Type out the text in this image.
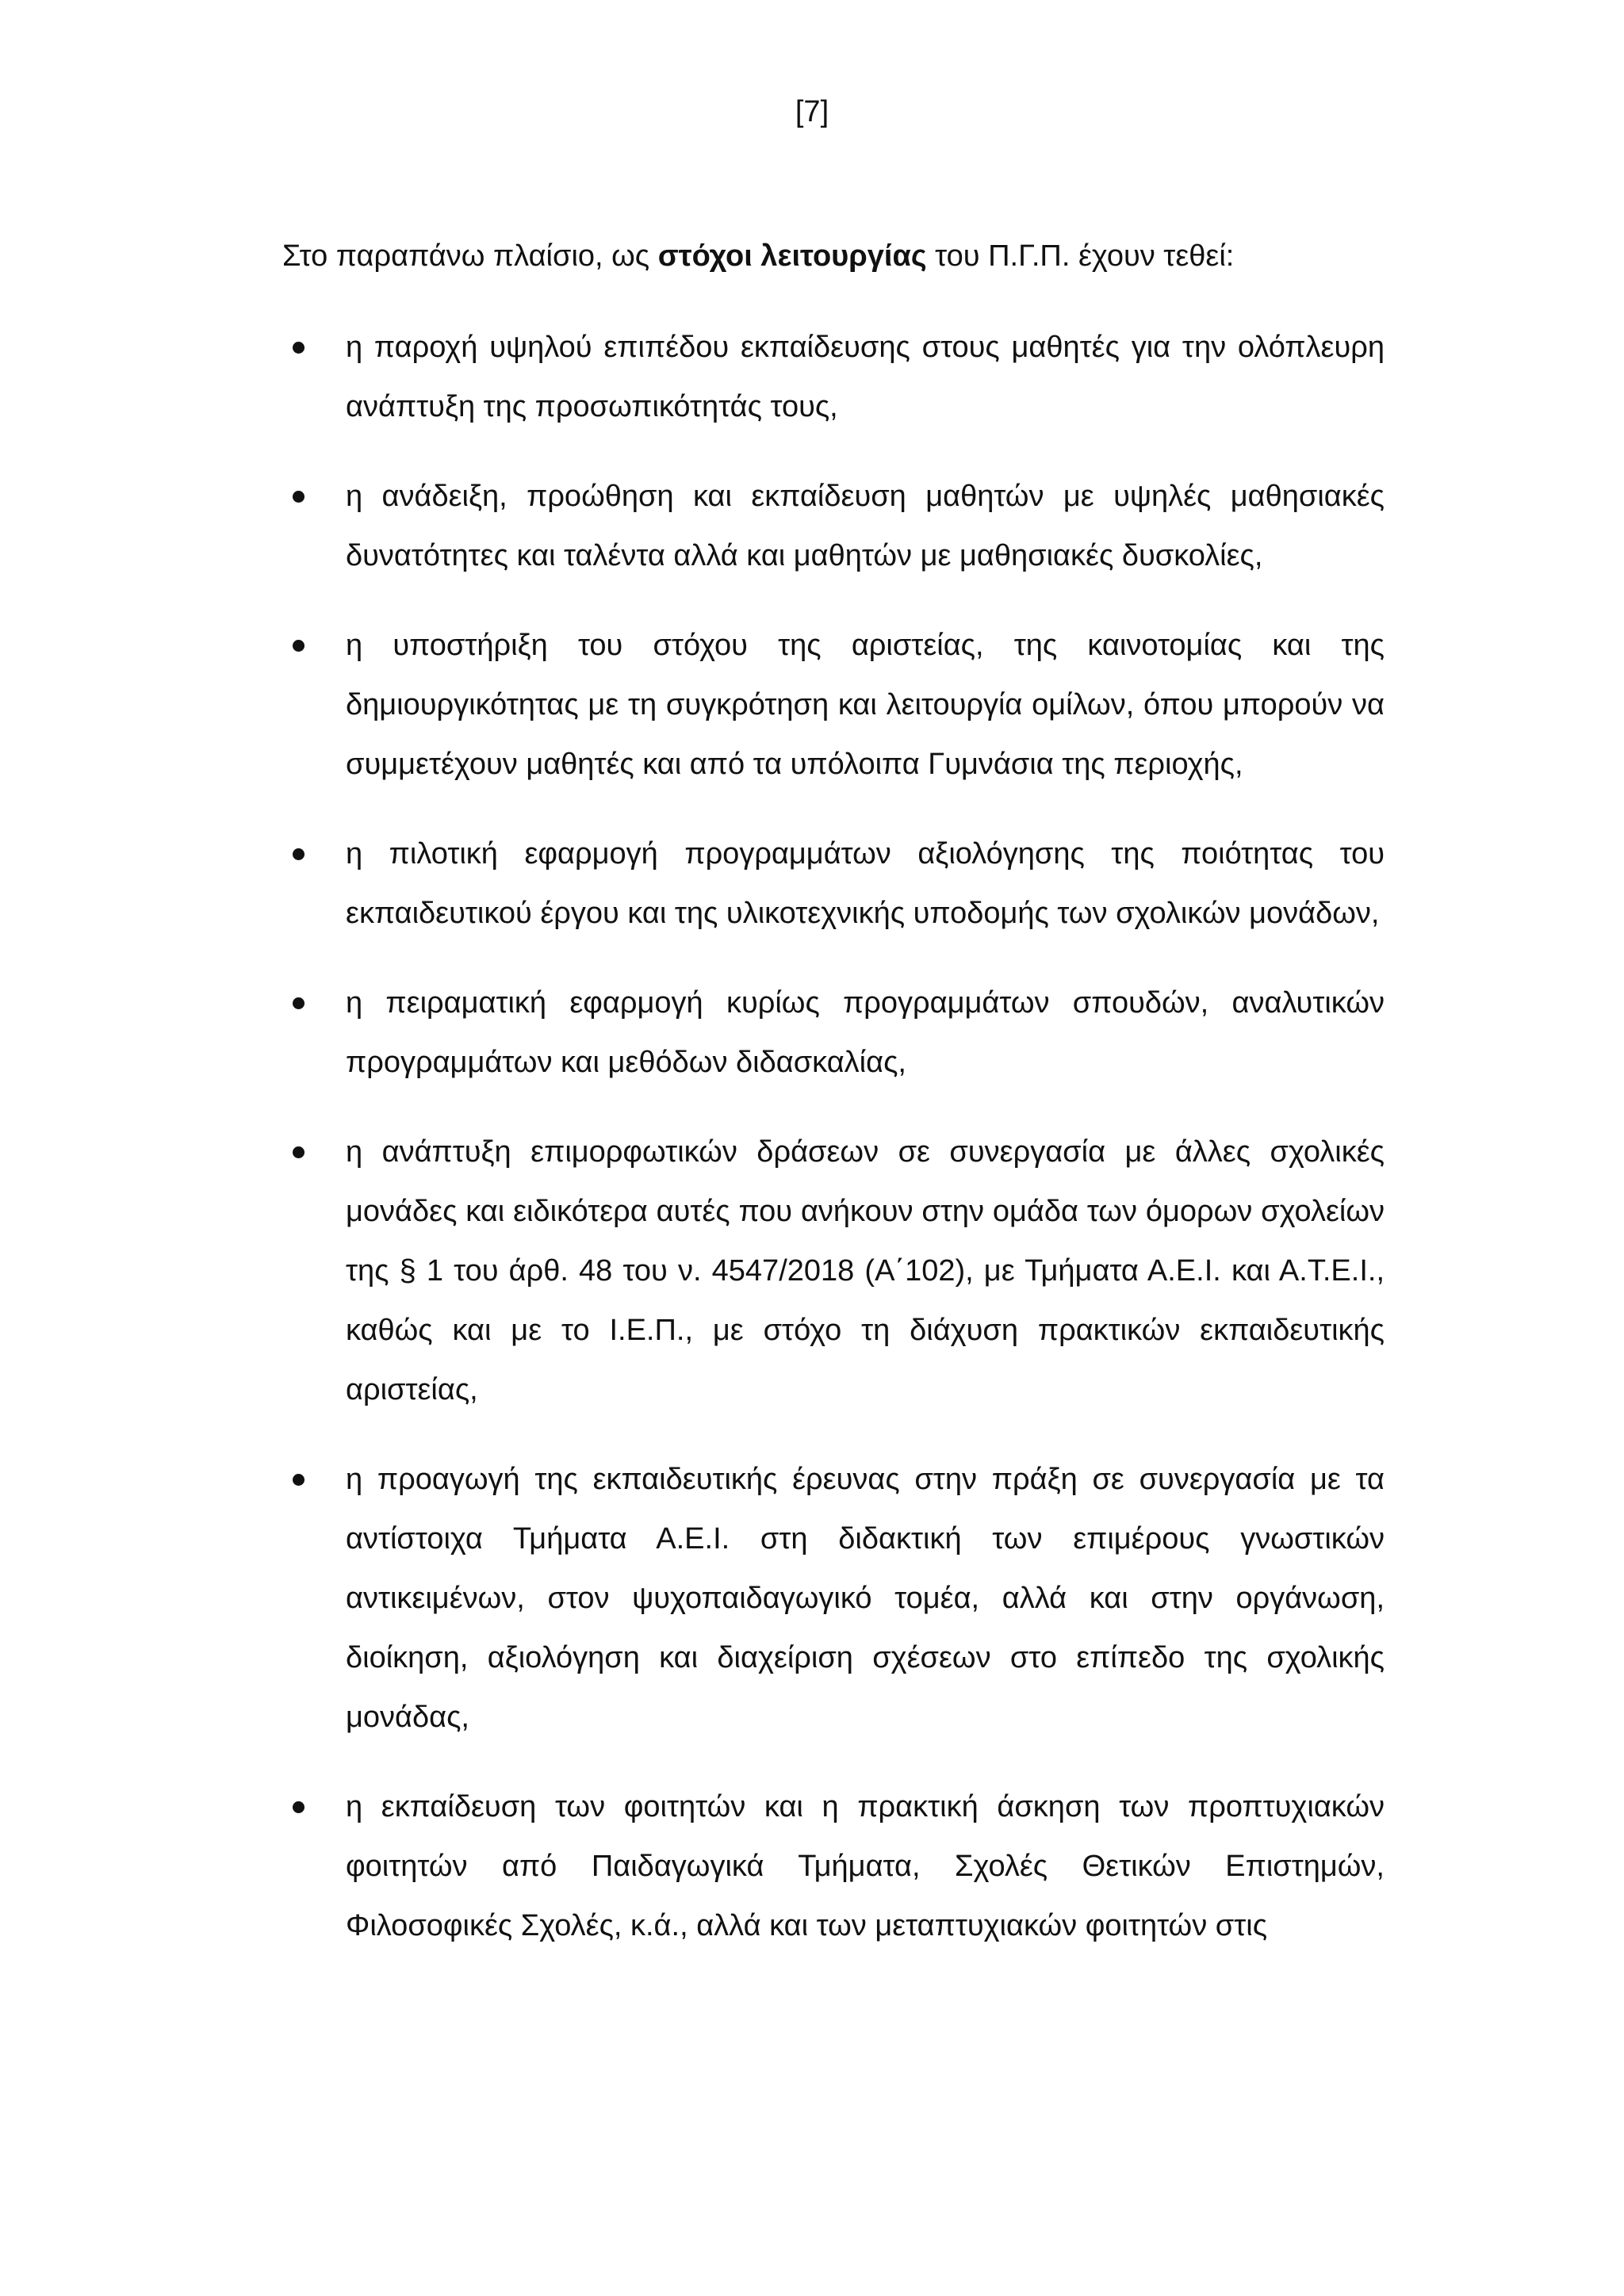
[7]

Στο παραπάνω πλαίσιο, ως στόχοι λειτουργίας του Π.Γ.Π. έχουν τεθεί:

η παροχή υψηλού επιπέδου εκπαίδευσης στους μαθητές για την ολόπλευρη ανάπτυξη της προσωπικότητάς τους,
η ανάδειξη, προώθηση και εκπαίδευση μαθητών με υψηλές μαθησιακές δυνατότητες και ταλέντα αλλά και μαθητών με μαθησιακές δυσκολίες,
η υποστήριξη του στόχου της αριστείας, της καινοτομίας και της δημιουργικότητας με τη συγκρότηση και λειτουργία ομίλων, όπου μπορούν να συμμετέχουν μαθητές και από τα υπόλοιπα Γυμνάσια της περιοχής,
η πιλοτική εφαρμογή προγραμμάτων αξιολόγησης της ποιότητας του εκπαιδευτικού έργου και της υλικοτεχνικής υποδομής των σχολικών μονάδων,
η πειραματική εφαρμογή κυρίως προγραμμάτων σπουδών, αναλυτικών προγραμμάτων και μεθόδων διδασκαλίας,
η ανάπτυξη επιμορφωτικών δράσεων σε συνεργασία με άλλες σχολικές μονάδες και ειδικότερα αυτές που ανήκουν στην ομάδα των όμορων σχολείων της § 1 του άρθ. 48 του ν. 4547/2018 (Α΄102), με Τμήματα Α.Ε.Ι. και Α.Τ.Ε.Ι., καθώς και με το Ι.Ε.Π., με στόχο τη διάχυση πρακτικών εκπαιδευτικής αριστείας,
η προαγωγή της εκπαιδευτικής έρευνας στην πράξη σε συνεργασία με τα αντίστοιχα Τμήματα Α.Ε.Ι. στη διδακτική των επιμέρους γνωστικών αντικειμένων, στον ψυχοπαιδαγωγικό τομέα, αλλά και στην οργάνωση, διοίκηση, αξιολόγηση και διαχείριση σχέσεων στο επίπεδο της σχολικής μονάδας,
η εκπαίδευση των φοιτητών και η πρακτική άσκηση των προπτυχιακών φοιτητών από Παιδαγωγικά Τμήματα, Σχολές Θετικών Επιστημών, Φιλοσοφικές Σχολές, κ.ά., αλλά και των μεταπτυχιακών φοιτητών στις
